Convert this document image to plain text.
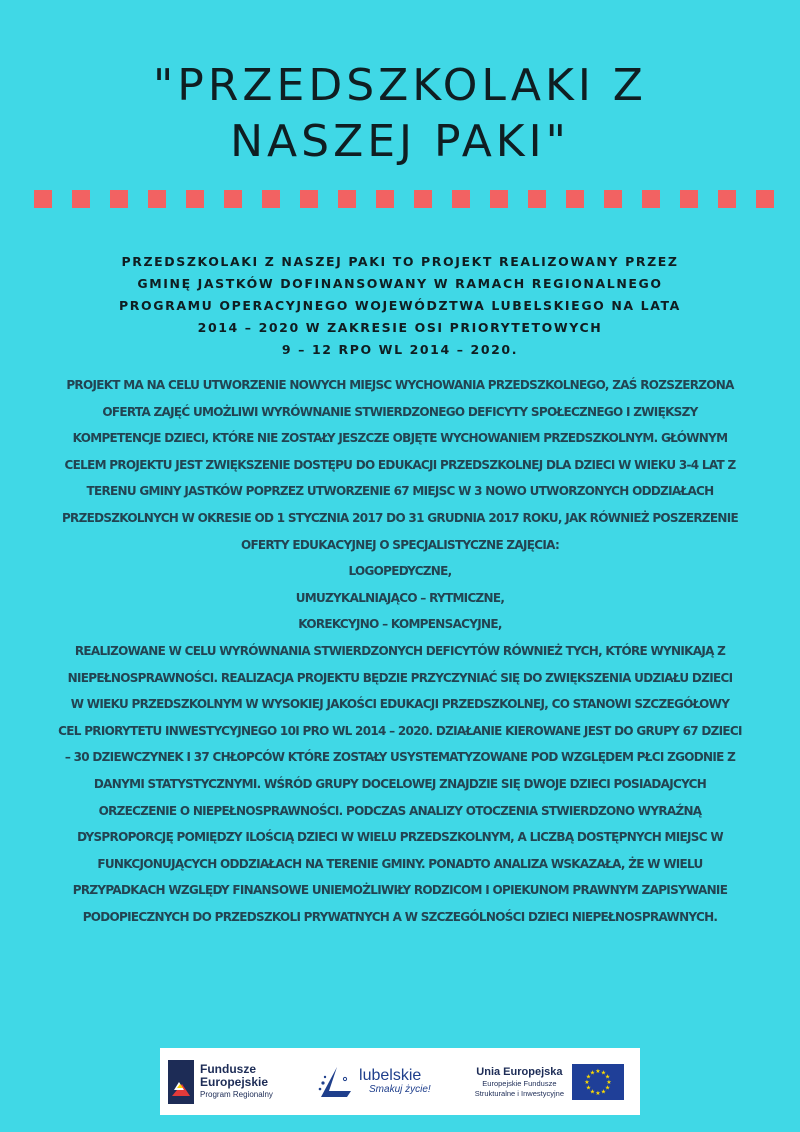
"PRZEDSZKOLAKI Z
NASZEJ PAKI"

PRZEDSZKOLAKI Z NASZEJ PAKI TO PROJEKT REALIZOWANY PRZEZ
GMINĘ JASTKÓW DOFINANSOWANY W RAMACH REGIONALNEGO
PROGRAMU OPERACYJNEGO WOJEWÓDZTWA LUBELSKIEGO NA LATA
2014 – 2020 W ZAKRESIE OSI PRIORYTETOWYCH
9 – 12 RPO WL 2014 – 2020.

PROJEKT MA NA CELU UTWORZENIE NOWYCH MIEJSC WYCHOWANIA PRZEDSZKOLNEGO, ZAŚ ROZSZERZONA

OFERTA ZAJĘĆ UMOŻLIWI WYRÓWNANIE STWIERDZONEGO DEFICYTY SPOŁECZNEGO I ZWIĘKSZY

KOMPETENCJE DZIECI, KTÓRE NIE ZOSTAŁY JESZCZE OBJĘTE WYCHOWANIEM PRZEDSZKOLNYM. GŁÓWNYM

CELEM PROJEKTU JEST ZWIĘKSZENIE DOSTĘPU DO EDUKACJI PRZEDSZKOLNEJ DLA DZIECI W WIEKU 3-4 LAT Z

TERENU GMINY JASTKÓW POPRZEZ UTWORZENIE 67 MIEJSC W 3 NOWO UTWORZONYCH ODDZIAŁACH

PRZEDSZKOLNYCH W OKRESIE OD 1 STYCZNIA 2017 DO 31 GRUDNIA 2017 ROKU, JAK RÓWNIEŻ POSZERZENIE

OFERTY EDUKACYJNEJ O SPECJALISTYCZNE ZAJĘCIA:

LOGOPEDYCZNE,

UMUZYKALNIAJĄCO – RYTMICZNE,

KOREKCYJNO – KOMPENSACYJNE,

REALIZOWANE W CELU WYRÓWNANIA STWIERDZONYCH DEFICYTÓW RÓWNIEŻ TYCH, KTÓRE WYNIKAJĄ Z

NIEPEŁNOSPRAWNOŚCI. REALIZACJA PROJEKTU BĘDZIE PRZYCZYNIAĆ SIĘ DO ZWIĘKSZENIA UDZIAŁU DZIECI

W WIEKU PRZEDSZKOLNYM W WYSOKIEJ JAKOŚCI EDUKACJI PRZEDSZKOLNEJ, CO STANOWI SZCZEGÓŁOWY

CEL PRIORYTETU INWESTYCYJNEGO 10I PRO WL 2014 – 2020. DZIAŁANIE KIEROWANE JEST DO GRUPY 67 DZIECI

– 30 DZIEWCZYNEK I 37 CHŁOPCÓW KTÓRE ZOSTAŁY USYSTEMATYZOWANE POD WZGLĘDEM PŁCI ZGODNIE Z

DANYMI STATYSTYCZNYMI. WŚRÓD GRUPY DOCELOWEJ ZNAJDZIE SIĘ DWOJE DZIECI POSIADAJCYCH

ORZECZENIE O NIEPEŁNOSPRAWNOŚCI. PODCZAS ANALIZY OTOCZENIA STWIERDZONO WYRAŹNĄ

DYSPROPORCJĘ POMIĘDZY ILOŚCIĄ DZIECI W WIELU PRZEDSZKOLNYM, A LICZBĄ DOSTĘPNYCH MIEJSC W

FUNKCJONUJĄCYCH ODDZIAŁACH NA TERENIE GMINY. PONADTO ANALIZA WSKAZAŁA, ŻE W WIELU

PRZYPADKACH WZGLĘDY FINANSOWE UNIEMOŻLIWIŁY RODZICOM I OPIEKUNOM PRAWNYM ZAPISYWANIE

PODOPIECZNYCH DO PRZEDSZKOLI PRYWATNYCH A W SZCZEGÓLNOŚCI DZIECI NIEPEŁNOSPRAWNYCH.

Fundusze
Europejskie
Program Regionalny
lubelskie
Smakuj życie!
Unia Europejska
Europejskie Fundusze
Strukturalne i Inwestycyjne
★
★
★
★
★
★
★
★
★ ★ ★
★
